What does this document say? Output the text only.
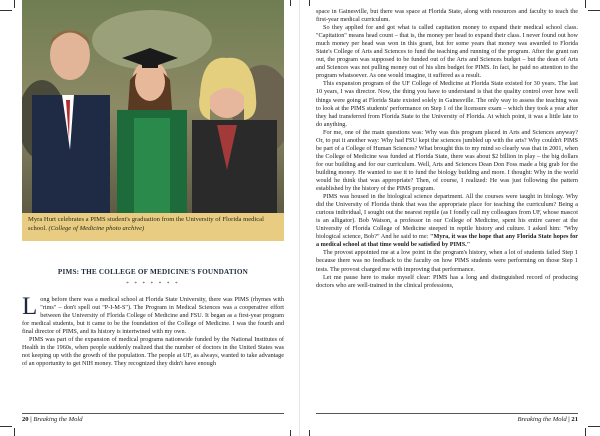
Myra Hurt celebrates a PIMS student's graduation from the University of Florida medical school. (College of Medicine photo archive)
PIMS: THE COLLEGE OF MEDICINE'S FOUNDATION
* * * * * * *

Long before there was a medical school at Florida State University, there was PIMS (rhymes with "rims" – don't spell out "P-I-M-S"). The Program in Medical Sciences was a cooperative effort between the University of Florida College of Medicine and FSU. It began as a first-year program for medical students, but it came to be the foundation of the College of Medicine. I was the fourth and final director of PIMS, and its history is intertwined with my own.

PIMS was part of the expansion of medical programs nationwide funded by the National Institutes of Health in the 1960s, when people suddenly realized that the number of doctors in the United States was not keeping up with the growth of the population. The people at UF, as always, wanted to take advantage of an opportunity to get NIH money. They recognized they didn't have enough

20 | Breaking the Mold

space in Gainesville, but there was space at Florida State, along with resources and faculty to teach the first-year medical curriculum.

So they applied for and got what is called capitation money to expand their medical school class. "Capitation" means head count – that is, the money per head to expand their class. I never found out how much money per head was won in this grant, but for some years that money was awarded to Florida State's College of Arts and Sciences to fund the teaching and running of the program. After the grant ran out, the program was supposed to be funded out of the Arts and Sciences budget – but the dean of Arts and Sciences was not pulling money out of his slim budget for PIMS. In fact, he paid no attention to the program whatsoever. As one would imagine, it suffered as a result.

This expansion program of the UF College of Medicine at Florida State existed for 30 years. The last 10 years, I was director. Now, the thing you have to understand is that the quality control over how well things were going at Florida State existed solely in Gainesville. The only way to assess the teaching was to look at the PIMS students' performance on Step 1 of the licensure exam – which they took a year after they had transferred from Florida State to the University of Florida. At which point, it was a little late to do anything.

For me, one of the main questions was: Why was this program placed in Arts and Sciences anyway? Or, to put it another way: Why had FSU kept the sciences jumbled up with the arts? Why couldn't PIMS be part of a College of Human Sciences? What brought this to my mind so clearly was that in 2001, when the College of Medicine was funded at Florida State, there was about $2 billion in play – the big dollars for our building and for our curriculum. Well, Arts and Sciences Dean Don Foss made a big grab for the building money. He wanted to use it to fund the biology building and more. I thought: Why in the world would he think that was appropriate? Then, of course, I realized: He was just following the pattern established by the history of the PIMS program.

PIMS was housed in the biological science department. All the courses were taught in biology. Why did the University of Florida think that was the appropriate place for teaching the curriculum? Being a curious individual, I sought out the nearest reptile (as I fondly call my colleagues from UF, whose mascot is an alligator). Bob Watson, a professor in our College of Medicine, spent his entire career at the University of Florida College of Medicine steeped in reptile history and culture. I asked him: "Why biological science, Bob?" And he said to me: "Myra, it was the hope that any Florida State hopes for a medical school at that time would be satisfied by PIMS."

The provost appointed me at a low point in the program's history, when a lot of students failed Step 1 because there was no feedback to the faculty on how PIMS students were performing on those Step 1 tests. The provost charged me with improving that performance.

Let me pause here to make myself clear: PIMS has a long and distinguished record of producing doctors who are well-trained in the clinical professions,

Breaking the Mold | 21
